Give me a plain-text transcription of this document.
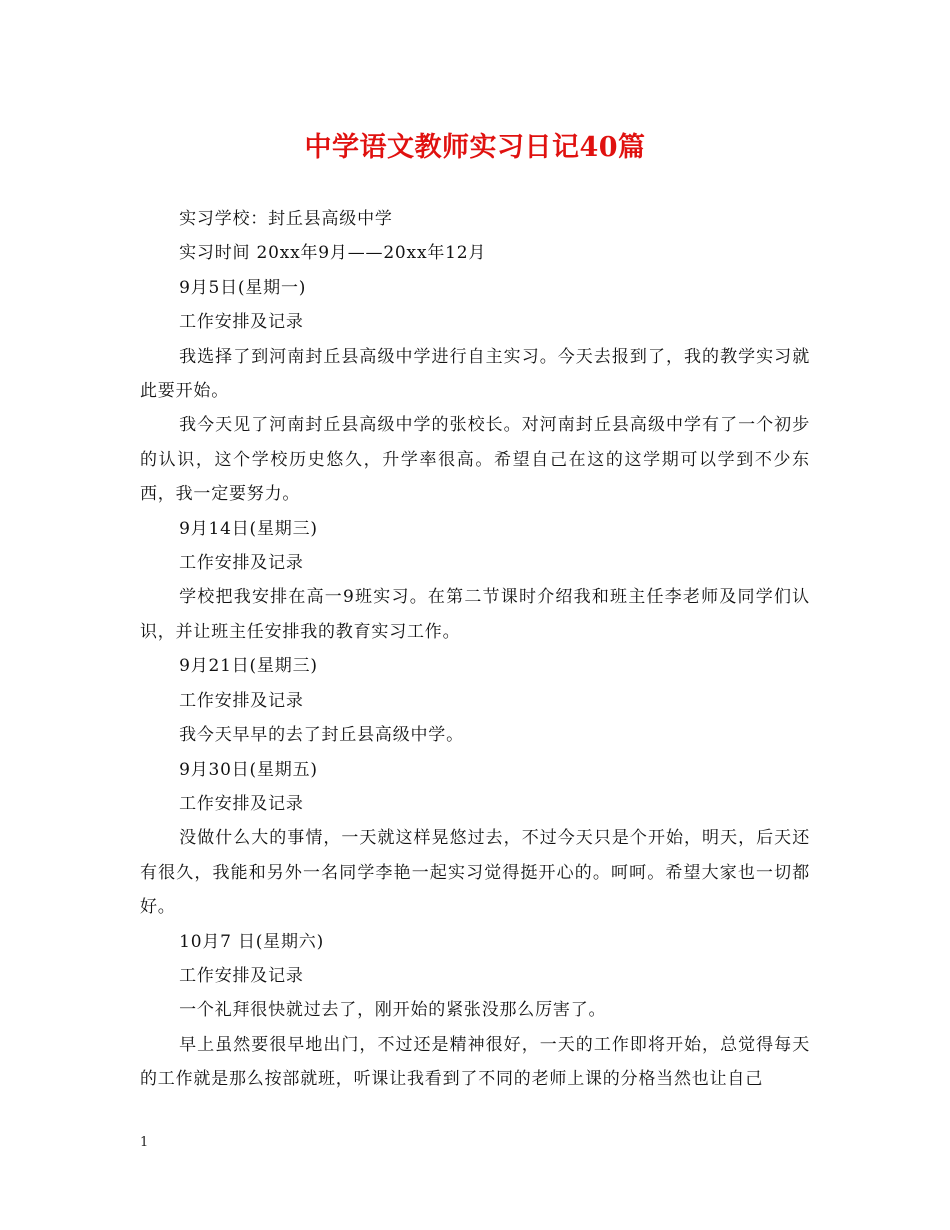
中学语文教师实习日记40篇

实习学校：封丘县高级中学

实习时间 20xx年9月——20xx年12月

9月5日(星期一)

工作安排及记录

我选择了到河南封丘县高级中学进行自主实习。今天去报到了，我的教学实习就此要开始。

我今天见了河南封丘县高级中学的张校长。对河南封丘县高级中学有了一个初步的认识，这个学校历史悠久，升学率很高。希望自己在这的这学期可以学到不少东西，我一定要努力。

9月14日(星期三)

工作安排及记录

学校把我安排在高一9班实习。在第二节课时介绍我和班主任李老师及同学们认识，并让班主任安排我的教育实习工作。

9月21日(星期三)

工作安排及记录

我今天早早的去了封丘县高级中学。

9月30日(星期五)

工作安排及记录

没做什么大的事情，一天就这样晃悠过去，不过今天只是个开始，明天，后天还有很久，我能和另外一名同学李艳一起实习觉得挺开心的。呵呵。希望大家也一切都好。

10月7 日(星期六)

工作安排及记录

一个礼拜很快就过去了，刚开始的紧张没那么厉害了。

早上虽然要很早地出门，不过还是精神很好，一天的工作即将开始，总觉得每天的工作就是那么按部就班，听课让我看到了不同的老师上课的分格当然也让自己

1
